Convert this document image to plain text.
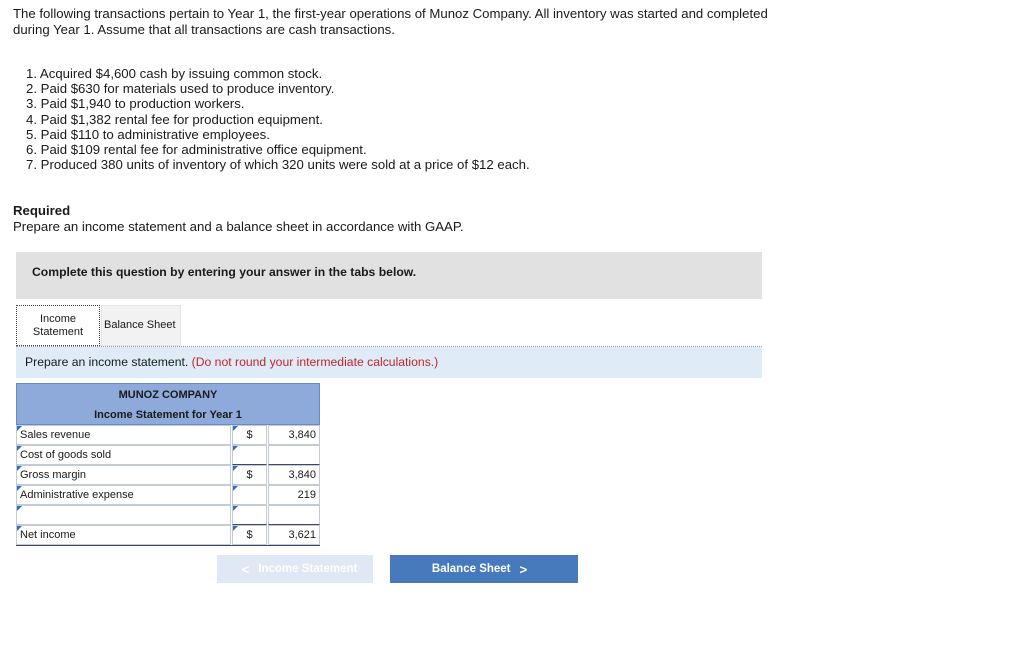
The following transactions pertain to Year 1, the first-year operations of Munoz Company. All inventory was started and completed

during Year 1. Assume that all transactions are cash transactions.

1. Acquired $4,600 cash by issuing common stock.
2. Paid $630 for materials used to produce inventory.
3. Paid $1,940 to production workers.
4. Paid $1,382 rental fee for production equipment.
5. Paid $110 to administrative employees.
6. Paid $109 rental fee for administrative office equipment.
7. Produced 380 units of inventory of which 320 units were sold at a price of $12 each.
Required
Prepare an income statement and a balance sheet in accordance with GAAP.
Complete this question by entering your answer in the tabs below.
Income
Statement
Balance Sheet
Prepare an income statement. (Do not round your intermediate calculations.)
MUNOZ COMPANY
Income Statement for Year 1
Sales revenue	$	3,840
Cost of goods sold
Gross margin	$	3,840
Administrative expense	219
Net income	$	3,621
< Income Statement	Balance Sheet >
